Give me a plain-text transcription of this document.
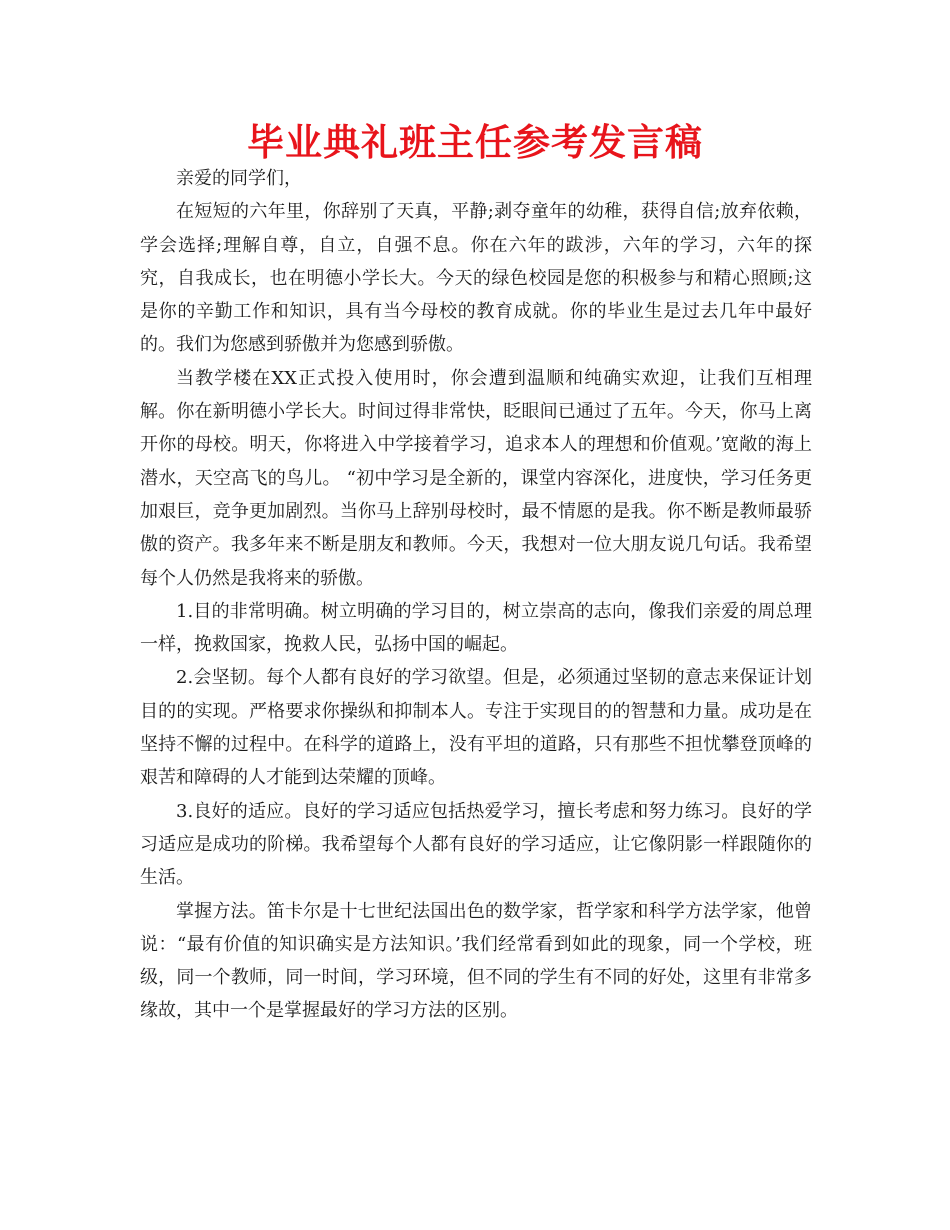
毕业典礼班主任参考发言稿

亲爱的同学们，

在短短的六年里，你辞别了天真，平静;剥夺童年的幼稚，获得自信;放弃依赖，学会选择;理解自尊，自立，自强不息。你在六年的跋涉，六年的学习，六年的探究，自我成长，也在明德小学长大。今天的绿色校园是您的积极参与和精心照顾;这是你的辛勤工作和知识，具有当今母校的教育成就。你的毕业生是过去几年中最好的。我们为您感到骄傲并为您感到骄傲。

当教学楼在XX正式投入使用时，你会遭到温顺和纯确实欢迎，让我们互相理解。你在新明德小学长大。时间过得非常快，眨眼间已通过了五年。今天，你马上离开你的母校。明天，你将进入中学接着学习，追求本人的理想和价值观。’宽敞的海上潜水，天空高飞的鸟儿。 “初中学习是全新的，课堂内容深化，进度快，学习任务更加艰巨，竞争更加剧烈。当你马上辞别母校时，最不情愿的是我。你不断是教师最骄傲的资产。我多年来不断是朋友和教师。今天，我想对一位大朋友说几句话。我希望每个人仍然是我将来的骄傲。

1.目的非常明确。树立明确的学习目的，树立崇高的志向，像我们亲爱的周总理一样，挽救国家，挽救人民，弘扬中国的崛起。

2.会坚韧。每个人都有良好的学习欲望。但是，必须通过坚韧的意志来保证计划目的的实现。严格要求你操纵和抑制本人。专注于实现目的的智慧和力量。成功是在坚持不懈的过程中。在科学的道路上，没有平坦的道路，只有那些不担忧攀登顶峰的艰苦和障碍的人才能到达荣耀的顶峰。

3.良好的适应。良好的学习适应包括热爱学习，擅长考虑和努力练习。良好的学习适应是成功的阶梯。我希望每个人都有良好的学习适应，让它像阴影一样跟随你的生活。

掌握方法。笛卡尔是十七世纪法国出色的数学家，哲学家和科学方法学家，他曾说：“最有价值的知识确实是方法知识。’我们经常看到如此的现象，同一个学校，班级，同一个教师，同一时间，学习环境，但不同的学生有不同的好处，这里有非常多缘故，其中一个是掌握最好的学习方法的区别。
